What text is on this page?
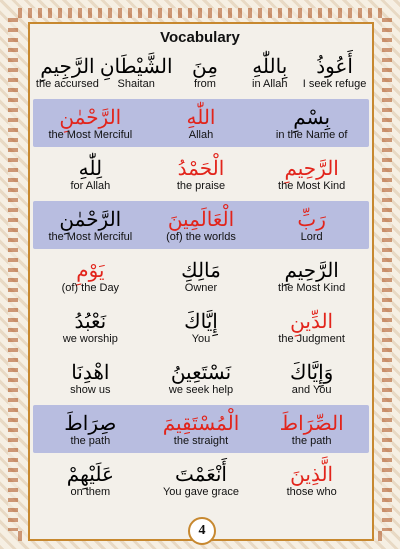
Vocabulary
الرَّجِيمِ
the accursed
الشَّيْطَانِ
Shaitan
مِنَ
from
بِاللّٰهِ
in Allah
أَعُوذُ
I seek refuge
الرَّحْمٰنِ
the Most Merciful
اللّٰهِ
Allah
بِسْمِ
in the Name of
لِلّٰهِ
for Allah
الْحَمْدُ
the praise
الرَّحِيمِ
the Most Kind
الرَّحْمٰنِ
the Most Merciful
الْعَالَمِينَ
(of) the worlds
رَبِّ
Lord
يَوْمِ
(of) the Day
مَالِكِ
Owner
الرَّحِيمِ
the Most Kind
نَعْبُدُ
we worship
إِيَّاكَ
You
الدِّينِ
the Judgment
اهْدِنَا
show us
نَسْتَعِينُ
we seek help
وَإِيَّاكَ
and You
صِرَاطَ
the path
الْمُسْتَقِيمَ
the straight
الصِّرَاطَ
the path
عَلَيْهِمْ
on them
أَنْعَمْتَ
You gave grace
الَّذِينَ
those who
4
